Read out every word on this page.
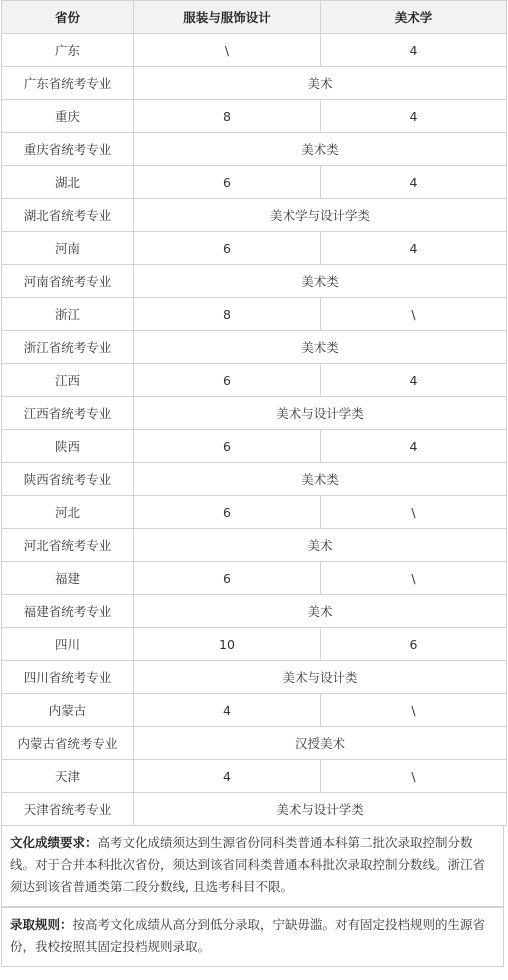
省份	服装与服饰设计	美术学
广东	\	4
广东省统考专业	美术	
重庆	8	4
重庆省统考专业	美术类	
湖北	6	4
湖北省统考专业	美术学与设计学类	
河南	6	4
河南省统考专业	美术类	
浙江	8	\
浙江省统考专业	美术类	
江西	6	4
江西省统考专业	美术与设计学类	
陕西	6	4
陕西省统考专业	美术类	
河北	6	\
河北省统考专业	美术	
福建	6	\
福建省统考专业	美术	
四川	10	6
四川省统考专业	美术与设计类	
内蒙古	4	\
内蒙古省统考专业	汉授美术	
天津	4	\
天津省统考专业	美术与设计学类	
文化成绩要求：高考文化成绩须达到生源省份同科类普通本科第二批次录取控制分数线。对于合并本科批次省份，须达到该省同科类普通本科批次录取控制分数线。浙江省须达到该省普通类第二段分数线, 且选考科目不限。
录取规则：按高考文化成绩从高分到低分录取，宁缺毋滥。对有固定投档规则的生源省份，我校按照其固定投档规则录取。
